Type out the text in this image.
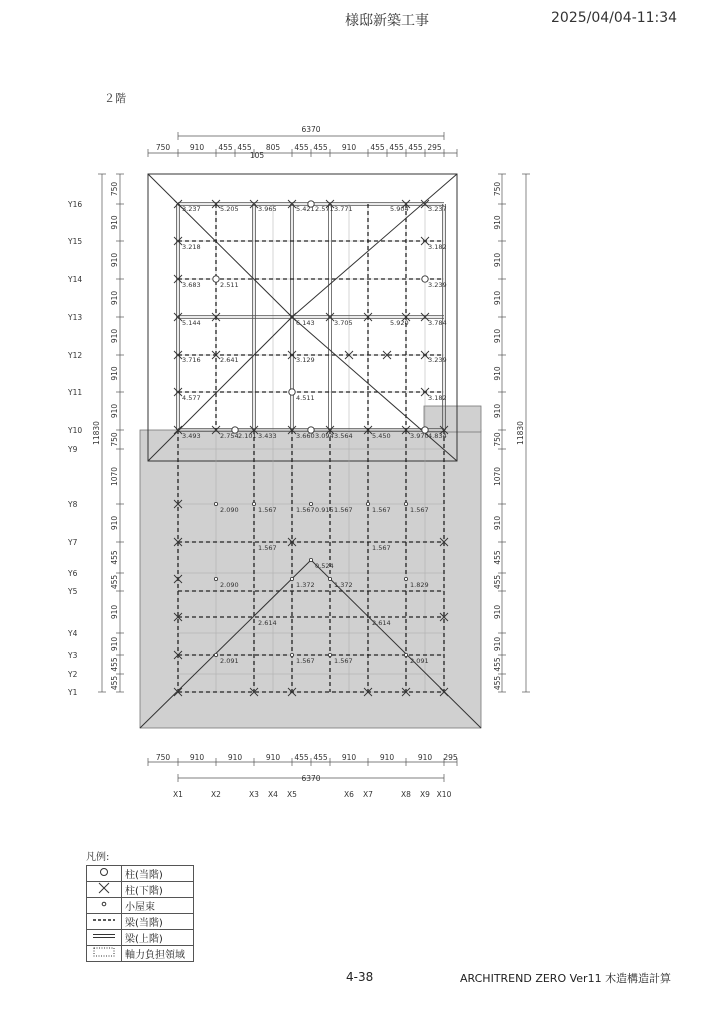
様邸新築工事	2025/04/04-11:34
２階
3.237	5.205	3.965	5.421 2.571 3.771	5.904	3.237
3.218	3.182
3.683	2.511	3.239
5.144	6.143	3.705	5.920	3.784
3.716	2.641	3.129	3.239
4.577	4.511	3.182
3.493	2.754 2.101 3.433	3.660 3.094 3.564	5.450	3.970 4.834
2.090	1.567	1.567 0.915 1.567	1.567	1.567
1.567	1.567
0.524
2.090	1.372	1.372	1.829
2.614	2.614
2.091	1.567	1.567	2.091
6370
750	910 455 455 805 455 455 910 455 455 455 295
105
750	910	910	910 455 455 910	910	910 295
6370
X1	X2	X3 X4 X5	X6 X7	X8 X9 X10
750
910
910
910
910
910
910
750
1070
910
455
455
910
910
455
455
750
910
910
910
910
910
910
750
1070
910
455
455
910
910
455
455
11830	11830
Y16
Y15
Y14
Y13
Y12
Y11
Y10
Y9
Y8
Y7
Y6
Y5
Y4
Y3
Y2
Y1
凡例:
	柱(当階)
	柱(下階)
	小屋束
	梁(当階)
	梁(上階)
	軸力負担領域
4-38	ARCHITREND ZERO Ver11 木造構造計算
